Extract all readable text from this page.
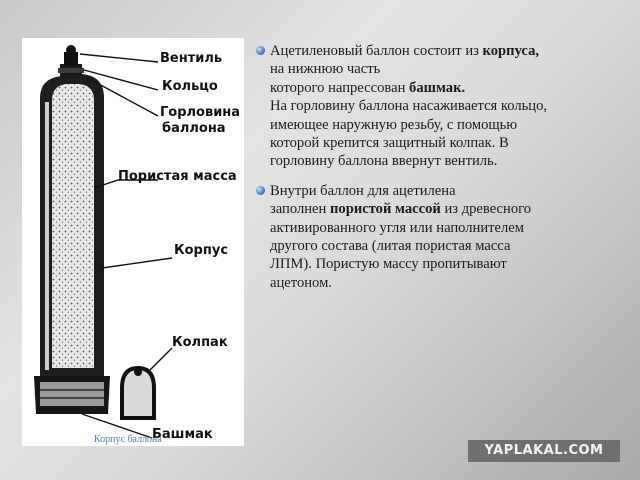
Вентиль
Кольцо
Горловина
баллона
Пористая масса
Корпус
Колпак
Башмак
Корпус баллона
Ацетиленовый баллон состоит из корпуса,
на нижнюю часть
которого напрессован башмак.
На горловину баллона насаживается кольцо,
имеющее наружную резьбу, с помощью
которой крепится защитный колпак. В
горловину баллона ввернут вентиль.
Внутри баллон для ацетилена
заполнен пористой массой из древесного
активированного угля или наполнителем
другого состава (литая пористая масса
ЛПМ). Пористую массу пропитывают
ацетоном.
YAPLAKAL.COM
